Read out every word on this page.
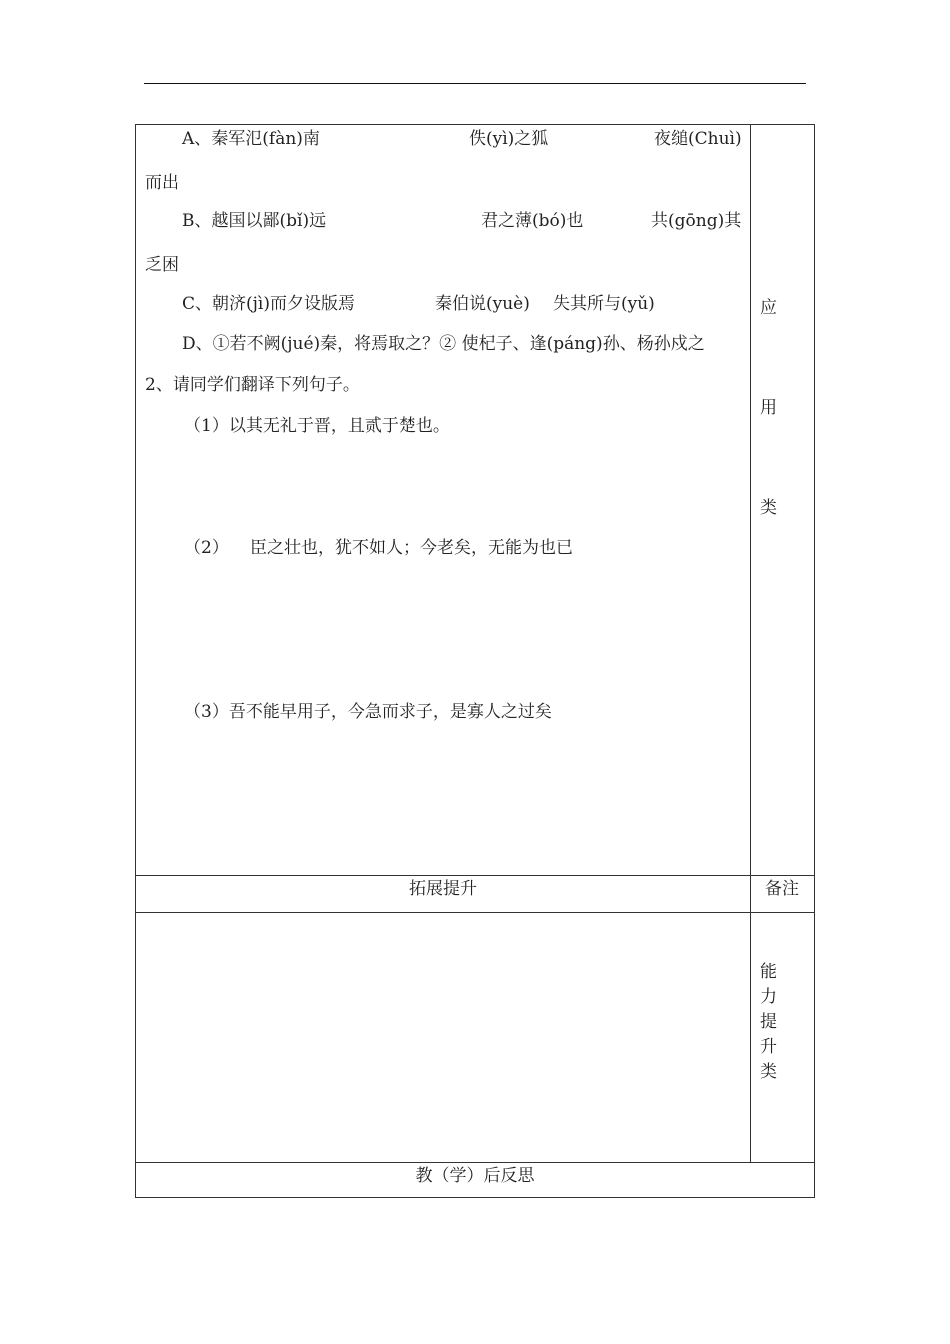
A、秦军氾(fàn)南	佚(yì)之狐	夜缒(Chuì)
而出
B、越国以鄙(bǐ)远	君之薄(bó)也	共(gōng)其
乏困
C、朝济(jì)而夕设版焉	秦伯说(yuè) 失其所与(yǔ)
D、①若不阙(jué)秦，将焉取之？② 使杞子、逢(páng)孙、杨孙戍之
2、请同学们翻译下列句子。
（1）以其无礼于晋，且贰于楚也。
（2） 臣之壮也，犹不如人；今老矣，无能为也已
（3）吾不能早用子，今急而求子，是寡人之过矣
应
用
类
拓展提升	备注
能力提升类
教（学）后反思
